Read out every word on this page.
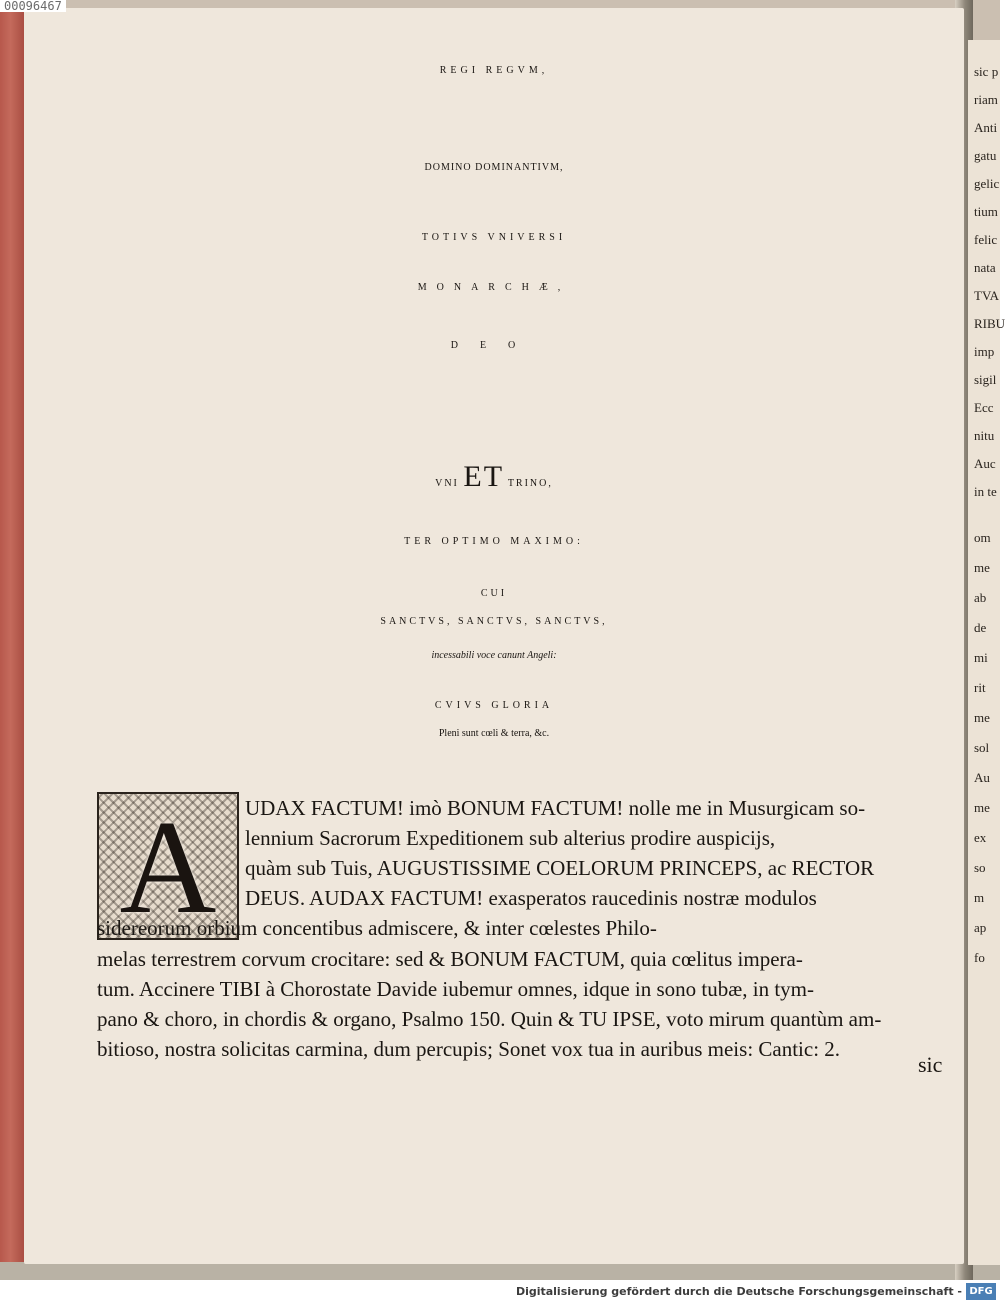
sic p
riam
Anti
gatu
gelic
tium
felic
nata
TVA
RIBU
imp
sigil
Ecc
nitu
Auc
in te
om
me
ab
de
mi
rit
me
sol
Au
me
ex
so
m
ap
fo
REGI REGVM,
DOMINO DOMINANTIVM,
TOTIVS VNIVERSI
MONARCHÆ,
DEO
VNI ET TRINO,
TER OPTIMO MAXIMO:
CUI
SANCTVS, SANCTVS, SANCTVS,
incessabili voce canunt Angeli:
CVIVS GLORIA
Pleni sunt cœli & terra, &c.
A	UDAX FACTUM! imò BONUM FACTUM! nolle me in Musurgicam so-
lennium Sacrorum Expeditionem sub alterius prodire auspicijs,
quàm sub Tuis, AUGUSTISSIME COELORUM PRINCEPS, ac RECTOR
DEUS. AUDAX FACTUM! exasperatos raucedinis nostræ modulos
sidereorum orbium concentibus admiscere, & inter cœlestes Philo-
melas terrestrem corvum crocitare: sed & BONUM FACTUM, quia cœlitus imperа-
tum. Accinere TIBI à Chorostate Davide iubemur omnes, idque in sono tubæ, in tym-
pano & choro, in chordis & organo, Psalmo 150. Quin & TU IPSE, voto mirum quantùm am-
bitioso, nostra solicitas carmina, dum percupis; Sonet vox tua in auribus meis: Cantic: 2.
sic
00096467
Digitalisierung gefördert durch die Deutsche Forschungsgemeinschaft - DFG
